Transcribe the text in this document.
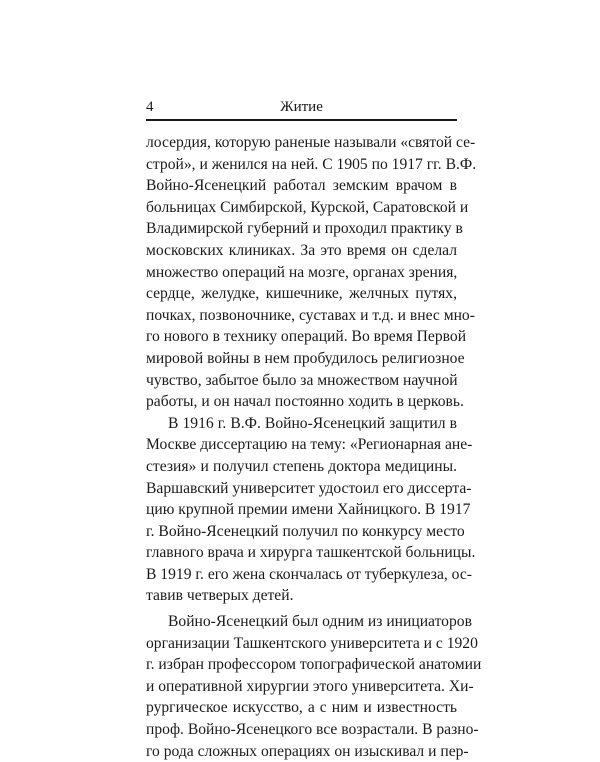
4	Житие
лосердия, которую раненые называли «святой се-
строй», и женился на ней. С 1905 по 1917 гг. В.Ф.
Войно-Ясенецкий работал земским врачом в
больницах Симбирской, Курской, Саратовской и
Владимирской губерний и проходил практику в
московских клиниках. За это время он сделал
множество операций на мозге, органах зрения,
сердце, желудке, кишечнике, желчных путях,
почках, позвоночнике, суставах и т.д. и внес мно-
го нового в технику операций. Во время Первой
мировой войны в нем пробудилось религиозное
чувство, забытое было за множеством научной
работы, и он начал постоянно ходить в церковь.
В 1916 г. В.Ф. Войно-Ясенецкий защитил в
Москве диссертацию на тему: «Регионарная ане-
стезия» и получил степень доктора медицины.
Варшавский университет удостоил его диссерта-
цию крупной премии имени Хайницкого. В 1917
г. Войно-Ясенецкий получил по конкурсу место
главного врача и хирурга ташкентской больницы.
В 1919 г. его жена скончалась от туберкулеза, ос-
тавив четверых детей.
Войно-Ясенецкий был одним из инициаторов
организации Ташкентского университета и с 1920
г. избран профессором топографической анатомии
и оперативной хирургии этого университета. Хи-
рургическое искусство, а с ним и известность
проф. Войно-Ясенецкого все возрастали. В разно-
го рода сложных операциях он изыскивал и пер-
